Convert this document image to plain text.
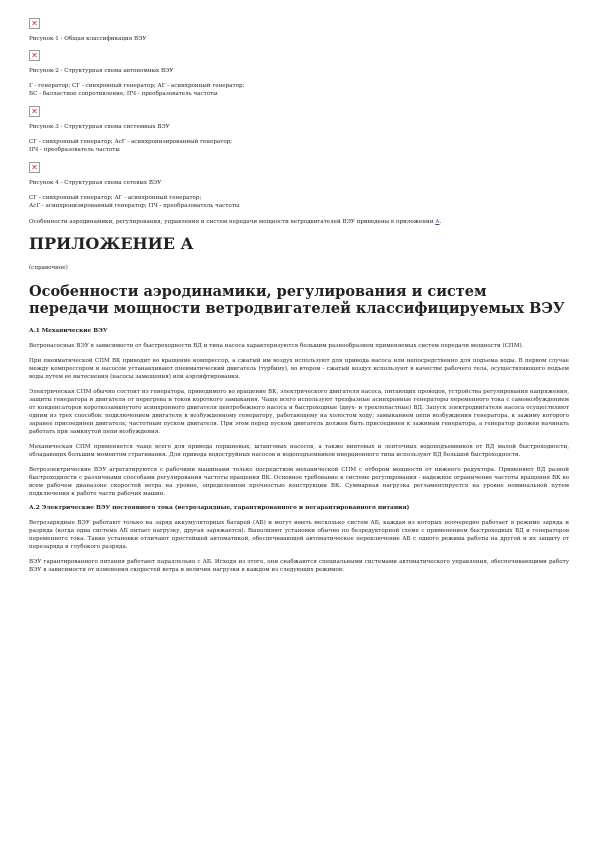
✕
Рисунок 1 - Общая классификация ВЭУ
✕
Рисунок 2 - Структурная схема автономных ВЭУ
Г - генератор; СГ - синхронный генератор; АГ - асинхронный генератор;
БС - балластное сопротивление; ПЧ - преобразователь частоты
✕
Рисунок 3 - Структурная схема системных ВЭУ
СГ - синхронный генератор; АсГ - асинхронизированный генератор;
ПЧ - преобразователь частоты
✕
Рисунок 4 - Структурная схема сетевых ВЭУ
СГ - синхронный генератор; АГ - асинхронный генератор;
АсГ - асинхронизированный генератор; ПЧ - преобразователь частоты

Особенности аэродинамики, регулирования, управления и систем передачи мощности ветродвигателей ВЭУ приведены в приложении А.

ПРИЛОЖЕНИЕ А
(справочное)
Особенности аэродинамики, регулирования и систем передачи мощности ветродвигателей классифицируемых ВЭУ
А.1 Механические ВЭУ

Ветронасосные ВЭУ в зависимости от быстроходности ВД и типа насоса характеризуются большим разнообразием применяемых систем передачи мощности (СПМ).

При пневматической СПМ ВК приводит во вращение компрессор, а сжатый им воздух используют для привода насоса или непосредственно для подъема воды. В первом случае между компрессором и насосом устанавливают пневматический двигатель (турбину), во втором - сжатый воздух используют в качестве рабочего тела, осуществляющего подъем воды путем ее вытеснения (насосы замещения) или аэрлифтирования.

Электрическая СПМ обычно состоит из генератора, приводимого во вращение ВК, электрического двигателя насоса, питающих проводов, устройства регулирования напряжения, защиты генератора и двигателя от перегрева и токов короткого замыкания. Чаще всего используют трехфазные асинхронные генераторы переменного тока с самовозбуждением от конденсаторов короткозамкнутого асинхронного двигателя центробежного насоса и быстроходные (двух- и трехлопастные) ВД. Запуск электродвигателя насоса осуществляют одним из трех способов: подключением двигателя к возбужденному генератору, работающему на холостом ходу; замыканием цепи возбуждения генератора, к зажиму которого заранее присоединен двигатель; частотным пуском двигателя. При этом перед пуском двигатель должен быть присоединен к зажимам генератора, а генератор должен начинать работать при замкнутой цепи возбуждения.

Механическая СПМ применяется чаще всего для привода поршневых, штанговых насосов, а также винтовых и ленточных водоподъемников от ВД малой быстроходности, обладающих большим моментом страгивания. Для привода водоструйных насосов и водоподъемников инерционного типа используют ВД большой быстроходности.

Ветроэлектрические ВЭУ агрегатируются с рабочими машинами только посредством механической СПМ с отбором мощности от нижнего редуктора. Применяют ВД разной быстроходности с различными способами регулирования частоты вращения ВК. Основное требование к системе регулирования - надежное ограничение частоты вращения ВК во всем рабочем диапазоне скоростей ветра на уровне, определенном прочностью конструкции ВК. Суммарная нагрузка регламентируется на уровне номинальной путем подключения к работе части рабочих машин.

А.2 Электрические ВЭУ постоянного тока (ветрозарядные, гарантированного и негарантированного питания)

Ветрозарядные ВЭУ работают только на заряд аккумуляторных батарей (АБ) и могут иметь несколько систем АБ, каждая из которых поочередно работает в режиме заряда и разряда (когда одна система АБ питает нагрузку, другая заряжается). Выполняют установки обычно по безредукторной схеме с применением быстроходных ВД и генераторов переменного тока. Такие установки отличают простейшей автоматикой, обеспечивающей автоматическое переключение АБ с одного режима работы на другой и их защиту от перезаряда и глубокого разряда.

ВЭУ гарантированного питания работают параллельно с АБ. Исходя из этого, они снабжаются специальными системами автоматического управления, обеспечивающими работу ВЭУ в зависимости от изменения скоростей ветра и величин нагрузки в каждом из следующих режимов:
